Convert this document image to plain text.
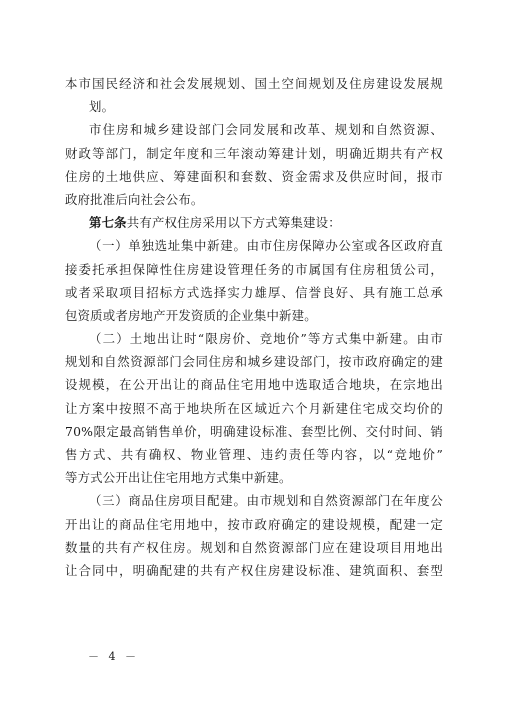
本市国民经济和社会发展规划、国土空间规划及住房建设发展规
划。
市住房和城乡建设部门会同发展和改革、规划和自然资源、
财政等部门，制定年度和三年滚动筹建计划，明确近期共有产权
住房的土地供应、筹建面积和套数、资金需求及供应时间，报市
政府批准后向社会公布。
第七条共有产权住房采用以下方式筹集建设：
（一）单独选址集中新建。由市住房保障办公室或各区政府直
接委托承担保障性住房建设管理任务的市属国有住房租赁公司，
或者采取项目招标方式选择实力雄厚、信誉良好、具有施工总承
包资质或者房地产开发资质的企业集中新建。
（二）土地出让时“限房价、竞地价”等方式集中新建。由市
规划和自然资源部门会同住房和城乡建设部门，按市政府确定的建
设规模，在公开出让的商品住宅用地中选取适合地块，在宗地出
让方案中按照不高于地块所在区域近六个月新建住宅成交均价的
70%限定最高销售单价，明确建设标准、套型比例、交付时间、销
售方式、共有确权、物业管理、违约责任等内容，以“竞地价”
等方式公开出让住宅用地方式集中新建。
（三）商品住房项目配建。由市规划和自然资源部门在年度公
开出让的商品住宅用地中，按市政府确定的建设规模，配建一定
数量的共有产权住房。规划和自然资源部门应在建设项目用地出
让合同中，明确配建的共有产权住房建设标准、建筑面积、套型
－ 4 －
